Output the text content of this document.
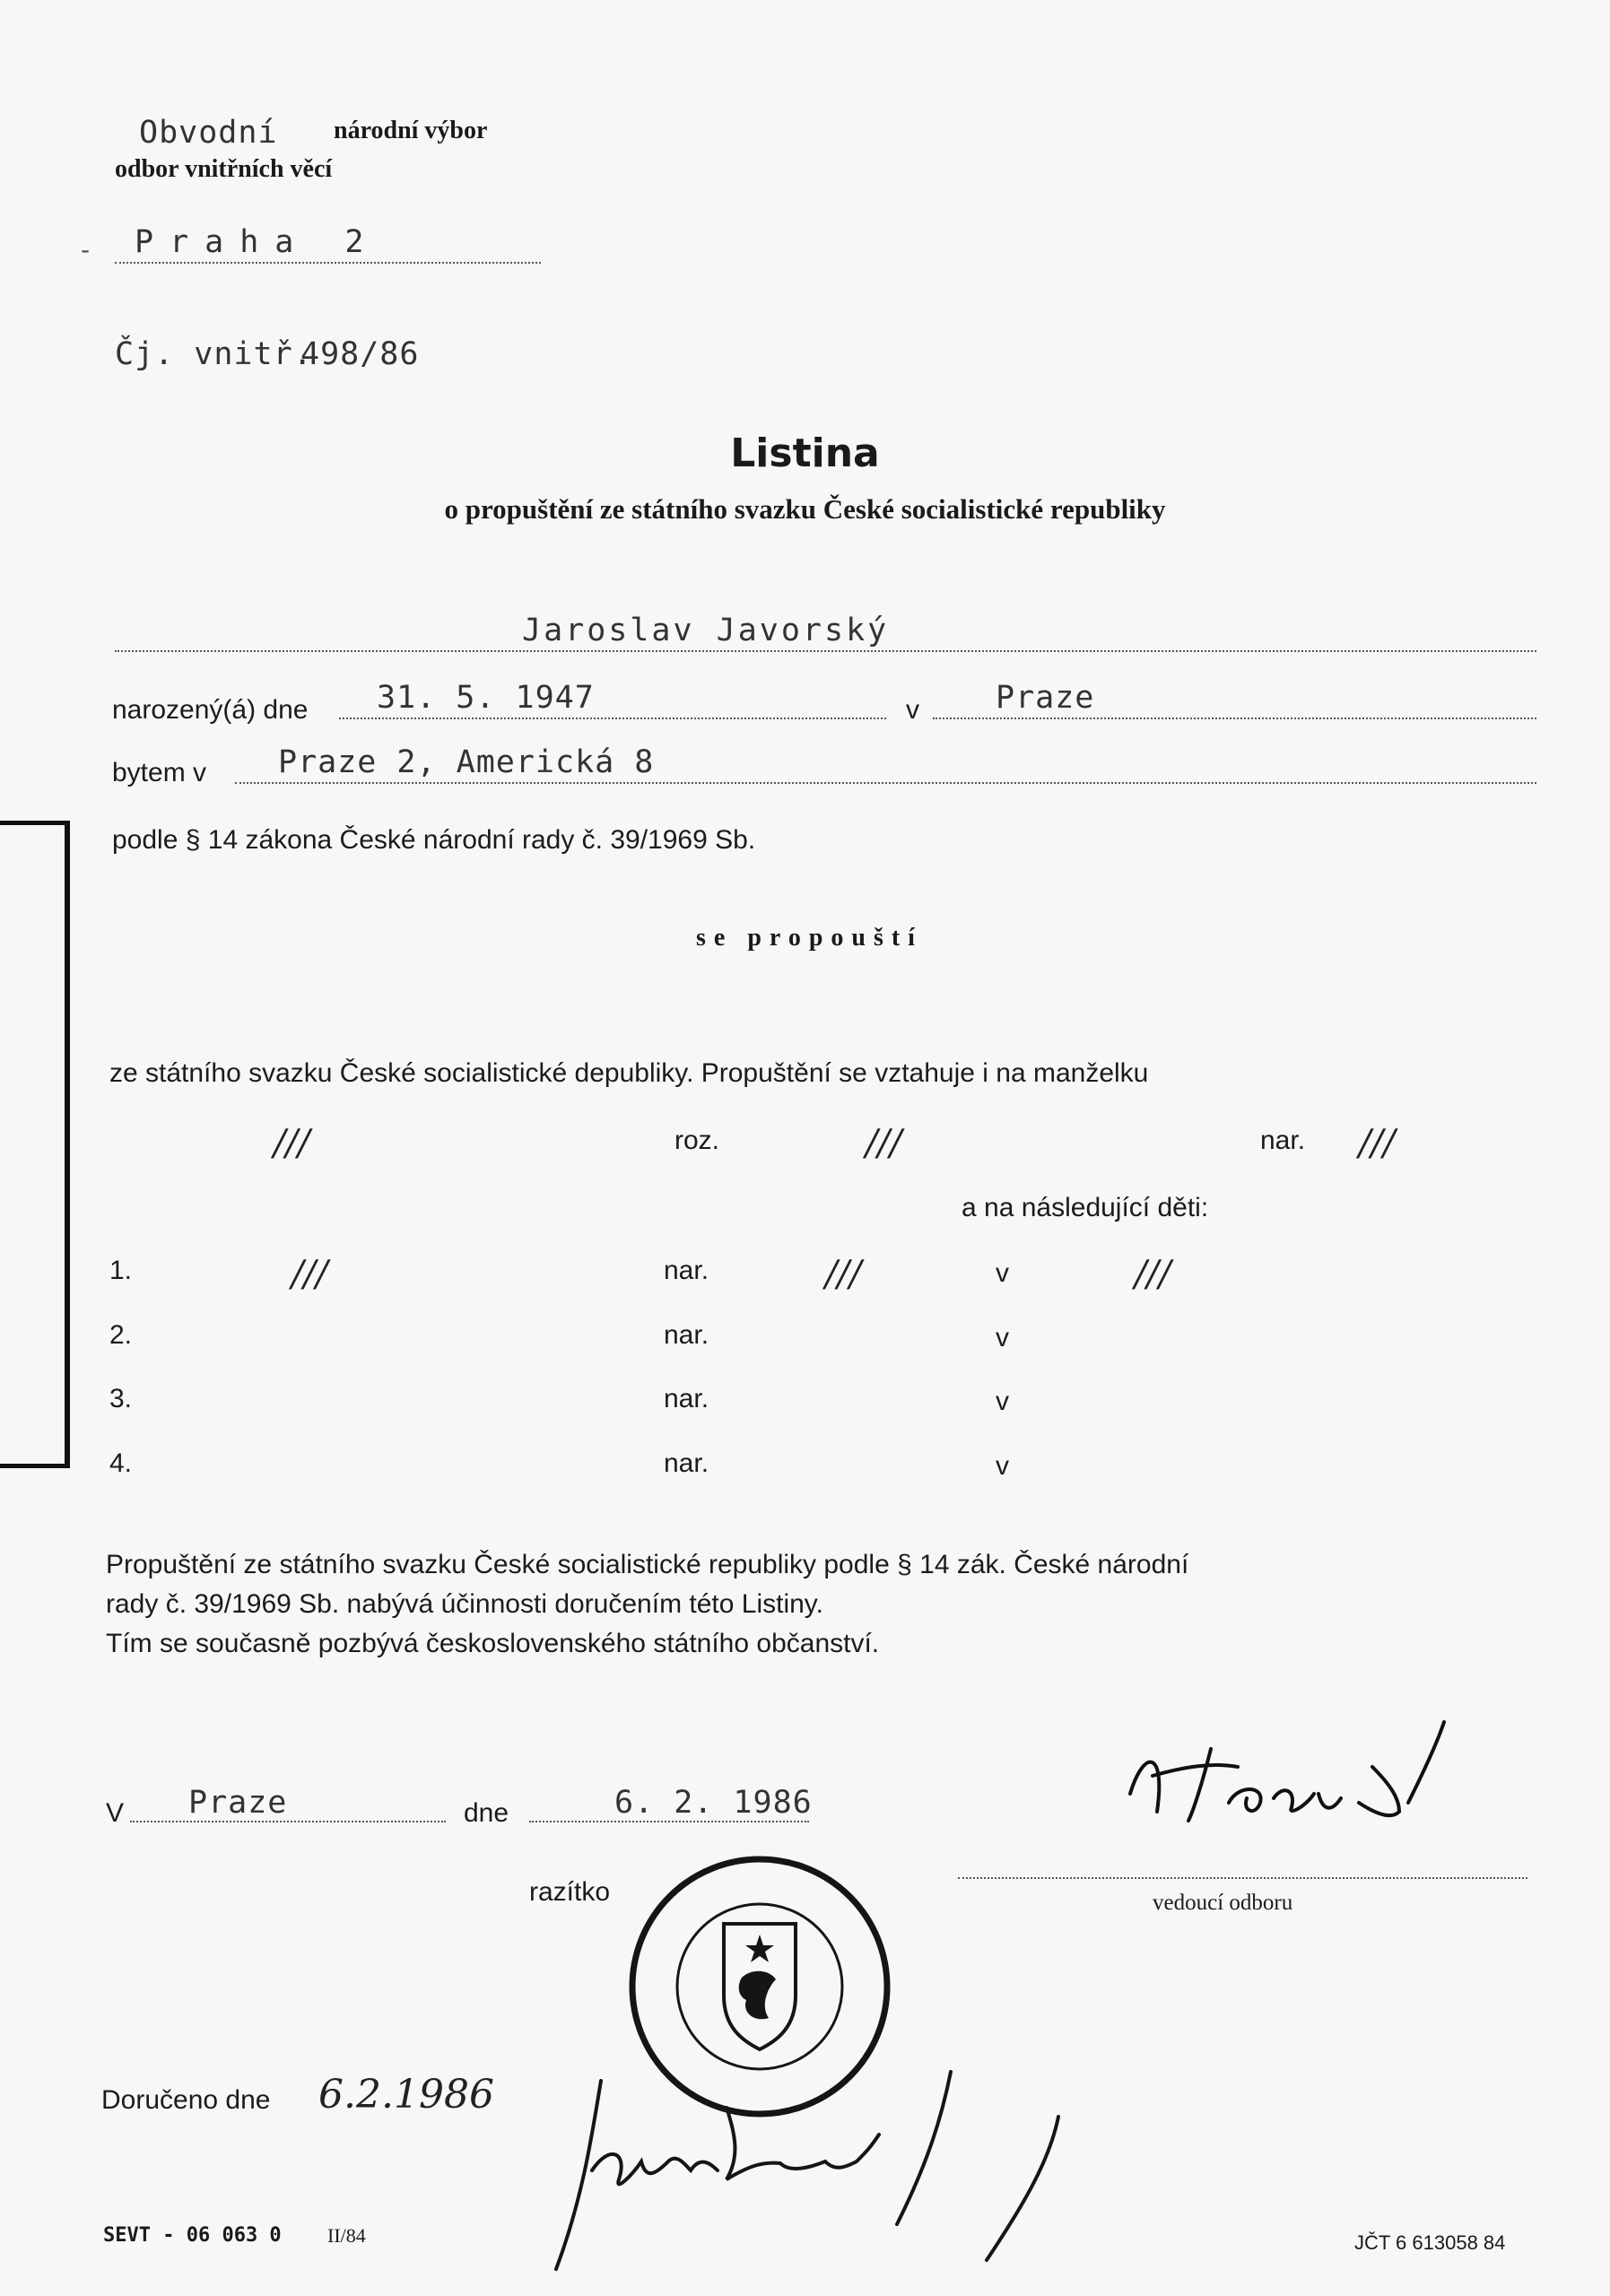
Obvodní národní výbor
odbor vnitřních věcí
- Praha 2
Čj. vnitř.
498/86
Listina
o propuštění ze státního svazku České socialistické republiky
Jaroslav Javorský
narozený(á) dne 31. 5. 1947	v Praze
bytem v Praze 2, Americká 8
podle § 14 zákona České národní rady č. 39/1969 Sb.
se propouští
ze státního svazku České socialistické depubliky. Propuštění se vztahuje i na manželku
///	roz.	///	nar. ///
a na následující děti:
1.	///	nar.	///	v	///
2.	nar.	v
3.	nar.	v
4.	nar.	v
Propuštění ze státního svazku České socialistické republiky podle § 14 zák. České národní
rady č. 39/1969 Sb. nabývá účinnosti doručením této Listiny.
Tím se současně pozbývá československého státního občanství.
V Praze	dne	6. 2. 1986
razítko	vedoucí odboru
Doručeno dne 6.2.1986
SEVT - 06 063 0 II/84	JČT 6 613058 84
